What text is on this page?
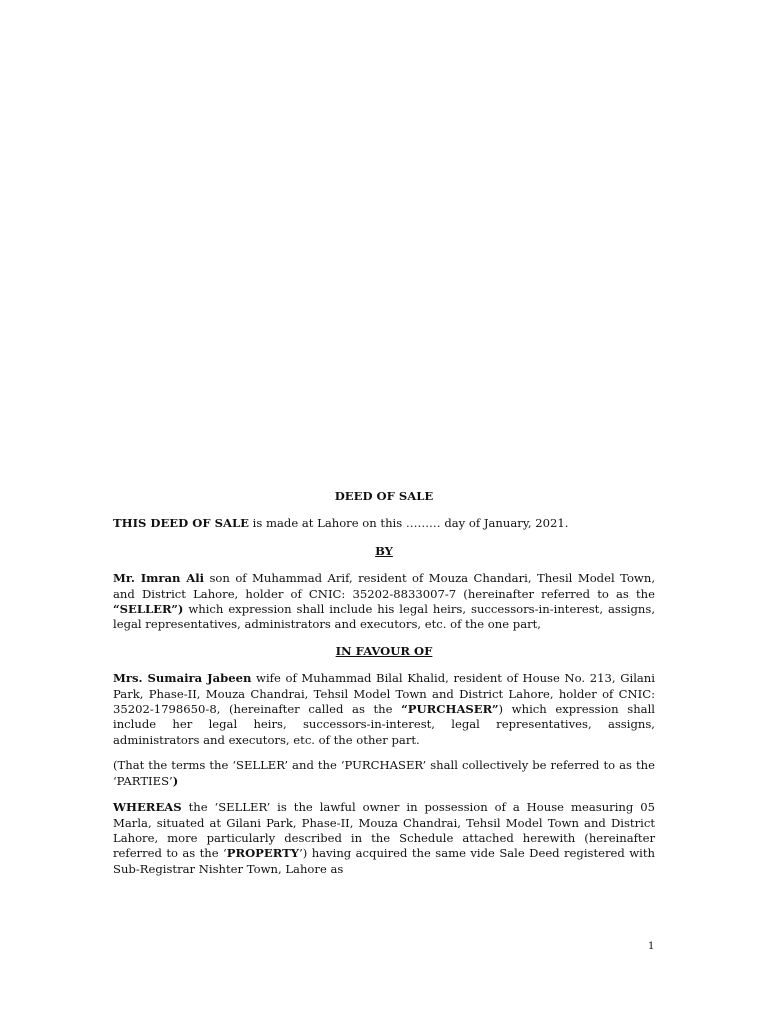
DEED OF SALE
THIS DEED OF SALE is made at Lahore on this ……… day of January, 2021.
BY
Mr. Imran Ali son of Muhammad Arif, resident of Mouza Chandari, Thesil Model Town, and District Lahore, holder of CNIC: 35202-8833007-7 (hereinafter referred to as the “SELLER”) which expression shall include his legal heirs, successors-in-interest, assigns, legal representatives, administrators and executors, etc. of the one part,
IN FAVOUR OF
Mrs. Sumaira Jabeen wife of Muhammad Bilal Khalid, resident of House No. 213, Gilani Park, Phase-II, Mouza Chandrai, Tehsil Model Town and District Lahore, holder of CNIC: 35202-1798650-8, (hereinafter called as the “PURCHASER”) which expression shall include her legal heirs, successors-in-interest, legal representatives, assigns, administrators and executors, etc. of the other part.
(That the terms the ‘SELLER’ and the ‘PURCHASER’ shall collectively be referred to as the ‘PARTIES’)
WHEREAS the ‘SELLER’ is the lawful owner in possession of a House measuring 05 Marla, situated at Gilani Park, Phase-II, Mouza Chandrai, Tehsil Model Town and District Lahore, more particularly described in the Schedule attached herewith (hereinafter referred to as the ‘PROPERTY’) having acquired the same vide Sale Deed registered with Sub-Registrar Nishter Town, Lahore as
1
